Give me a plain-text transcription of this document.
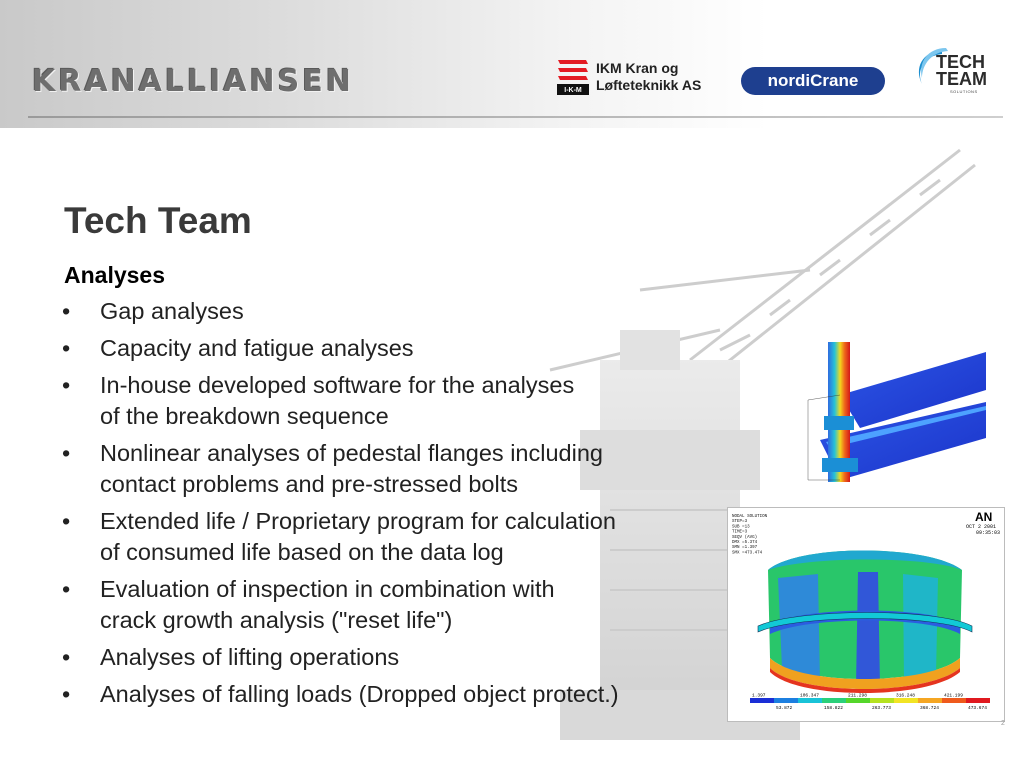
KRANALLIANSEN	I-K-M
IKM Kran og
Løfteteknikk AS	nordiCrane
TECH
TEAM
SOLUTIONS
Tech Team
Analyses
• Gap analyses
• Capacity and fatigue analyses
• In-house developed software for the analyses
of the breakdown sequence
• Nonlinear analyses of pedestal flanges including
contact problems and pre-stressed bolts
• Extended life / Proprietary program for calculation
of consumed life based on the data log
• Evaluation of inspection in combination with
crack growth analysis ("reset life")
• Analyses of lifting operations
• Analyses of falling loads (Dropped object protect.)
AN
OCT 2 2001
09:35:03
NODAL SOLUTION
STEP=3
SUB =13
TIME=3
SEQV (AVG)
DMX =5.374
SMN =1.397
SMX =473.474
1.397	106.347	211.298	316.248	421.199
53.872	158.822	263.773	368.724	473.674
2
